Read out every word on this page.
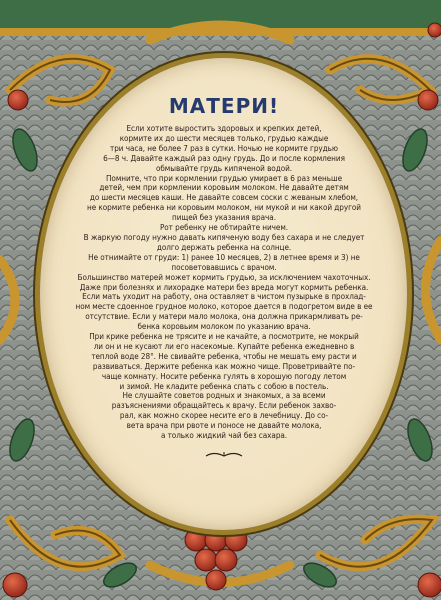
МАТЕРИ!

Если хотите выростить здоровых и крепких детей,
кормите их до шести месяцев только, грудью каждые
три часа, не более 7 раз в сутки. Ночью не кормите грудью
6—8 ч. Давайте каждый раз одну грудь. До и после кормления
обмывайте грудь кипяченой водой.

Помните, что при кормлении грудью умирает в 6 раз меньше
детей, чем при кормлении коровьим молоком. Не давайте детям
до шести месяцев каши. Не давайте совсем соски с жеваным хлебом,
не кормите ребенка ни коровьим молоком, ни мукой и ни какой другой
пищей без указания врача.

Рот ребенку не обтирайте ничем.

В жаркую погоду нужно давать кипяченую воду без сахара и не следует
долго держать ребенка на солнце.

Не отнимайте от груди: 1) ранее 10 месяцев, 2) в летнее время и 3) не
посоветовавшись с врачом.

Большинство матерей может кормить грудью, за исключением чахоточных.
Даже при болезнях и лихорадке матери без вреда могут кормить ребенка.
Если мать уходит на работу, она оставляет в чистом пузырьке в прохлад-
ном месте сдоенное грудное молоко, которое дается в подогретом виде в ее
отсутствие. Если у матери мало молока, она должна прикармливать ре-
бенка коровьим молоком по указанию врача.

При крике ребенка не трясите и не качайте, а посмотрите, не мокрый
ли он и не кусают ли его насекомые. Купайте ребенка ежедневно в
теплой воде 28°. Не свивайте ребенка, чтобы не мешать ему расти и
развиваться. Держите ребенка как можно чище. Проветривайте по-
чаще комнату. Носите ребенка гулять в хорошую погоду летом
и зимой. Не кладите ребенка спать с собою в постель.

Не слушайте советов родных и знакомых, а за всеми
разъяснениями обращайтесь к врачу. Если ребенок захво-
рал, как можно скорее несите его в лечебницу. До со-
вета врача при рвоте и поносе не давайте молока,
а только жидкий чай без сахара.
